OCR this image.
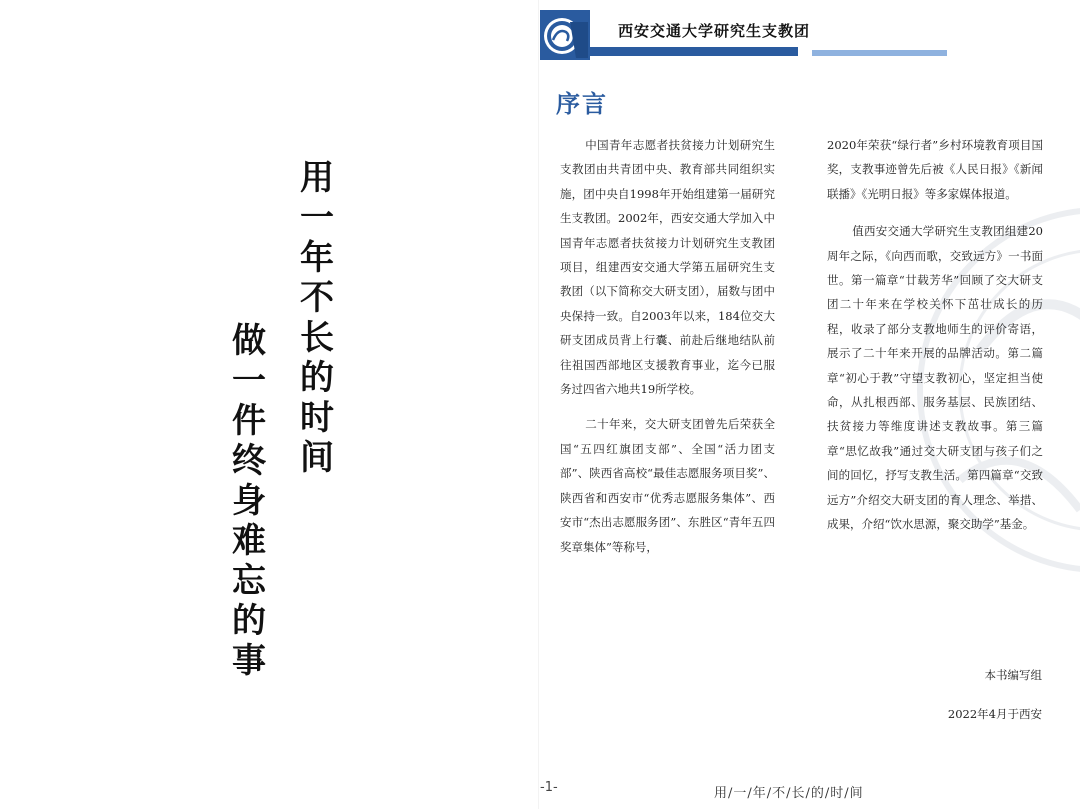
用一年不长的时间
做一件终身难忘的事
西安交通大学研究生支教团
序言

中国青年志愿者扶贫接力计划研究生支教团由共青团中央、教育部共同组织实施，团中央自1998年开始组建第一届研究生支教团。2002年，西安交通大学加入中国青年志愿者扶贫接力计划研究生支教团项目，组建西安交通大学第五届研究生支教团（以下简称交大研支团），届数与团中央保持一致。自2003年以来，184位交大研支团成员背上行囊、前赴后继地结队前往祖国西部地区支援教育事业，迄今已服务过四省六地共19所学校。

二十年来，交大研支团曾先后荣获全国“五四红旗团支部”、全国“活力团支部”、陕西省高校“最佳志愿服务项目奖”、陕西省和西安市“优秀志愿服务集体”、西安市“杰出志愿服务团”、东胜区“青年五四奖章集体”等称号，

2020年荣获“绿行者”乡村环境教育项目国奖，支教事迹曾先后被《人民日报》《新闻联播》《光明日报》等多家媒体报道。

值西安交通大学研究生支教团组建20周年之际，《向西而歌，交致远方》一书面世。第一篇章“廿载芳华”回顾了交大研支团二十年来在学校关怀下茁壮成长的历程，收录了部分支教地师生的评价寄语，展示了二十年来开展的品牌活动。第二篇章“初心于教”守望支教初心，坚定担当使命，从扎根西部、服务基层、民族团结、扶贫接力等维度讲述支教故事。第三篇章“思忆故我”通过交大研支团与孩子们之间的回忆，抒写支教生活。第四篇章“交致远方”介绍交大研支团的育人理念、举措、成果，介绍“饮水思源，聚交助学”基金。

本书编写组
2022年4月于西安
-1-	用/一/年/不/长/的/时/间
